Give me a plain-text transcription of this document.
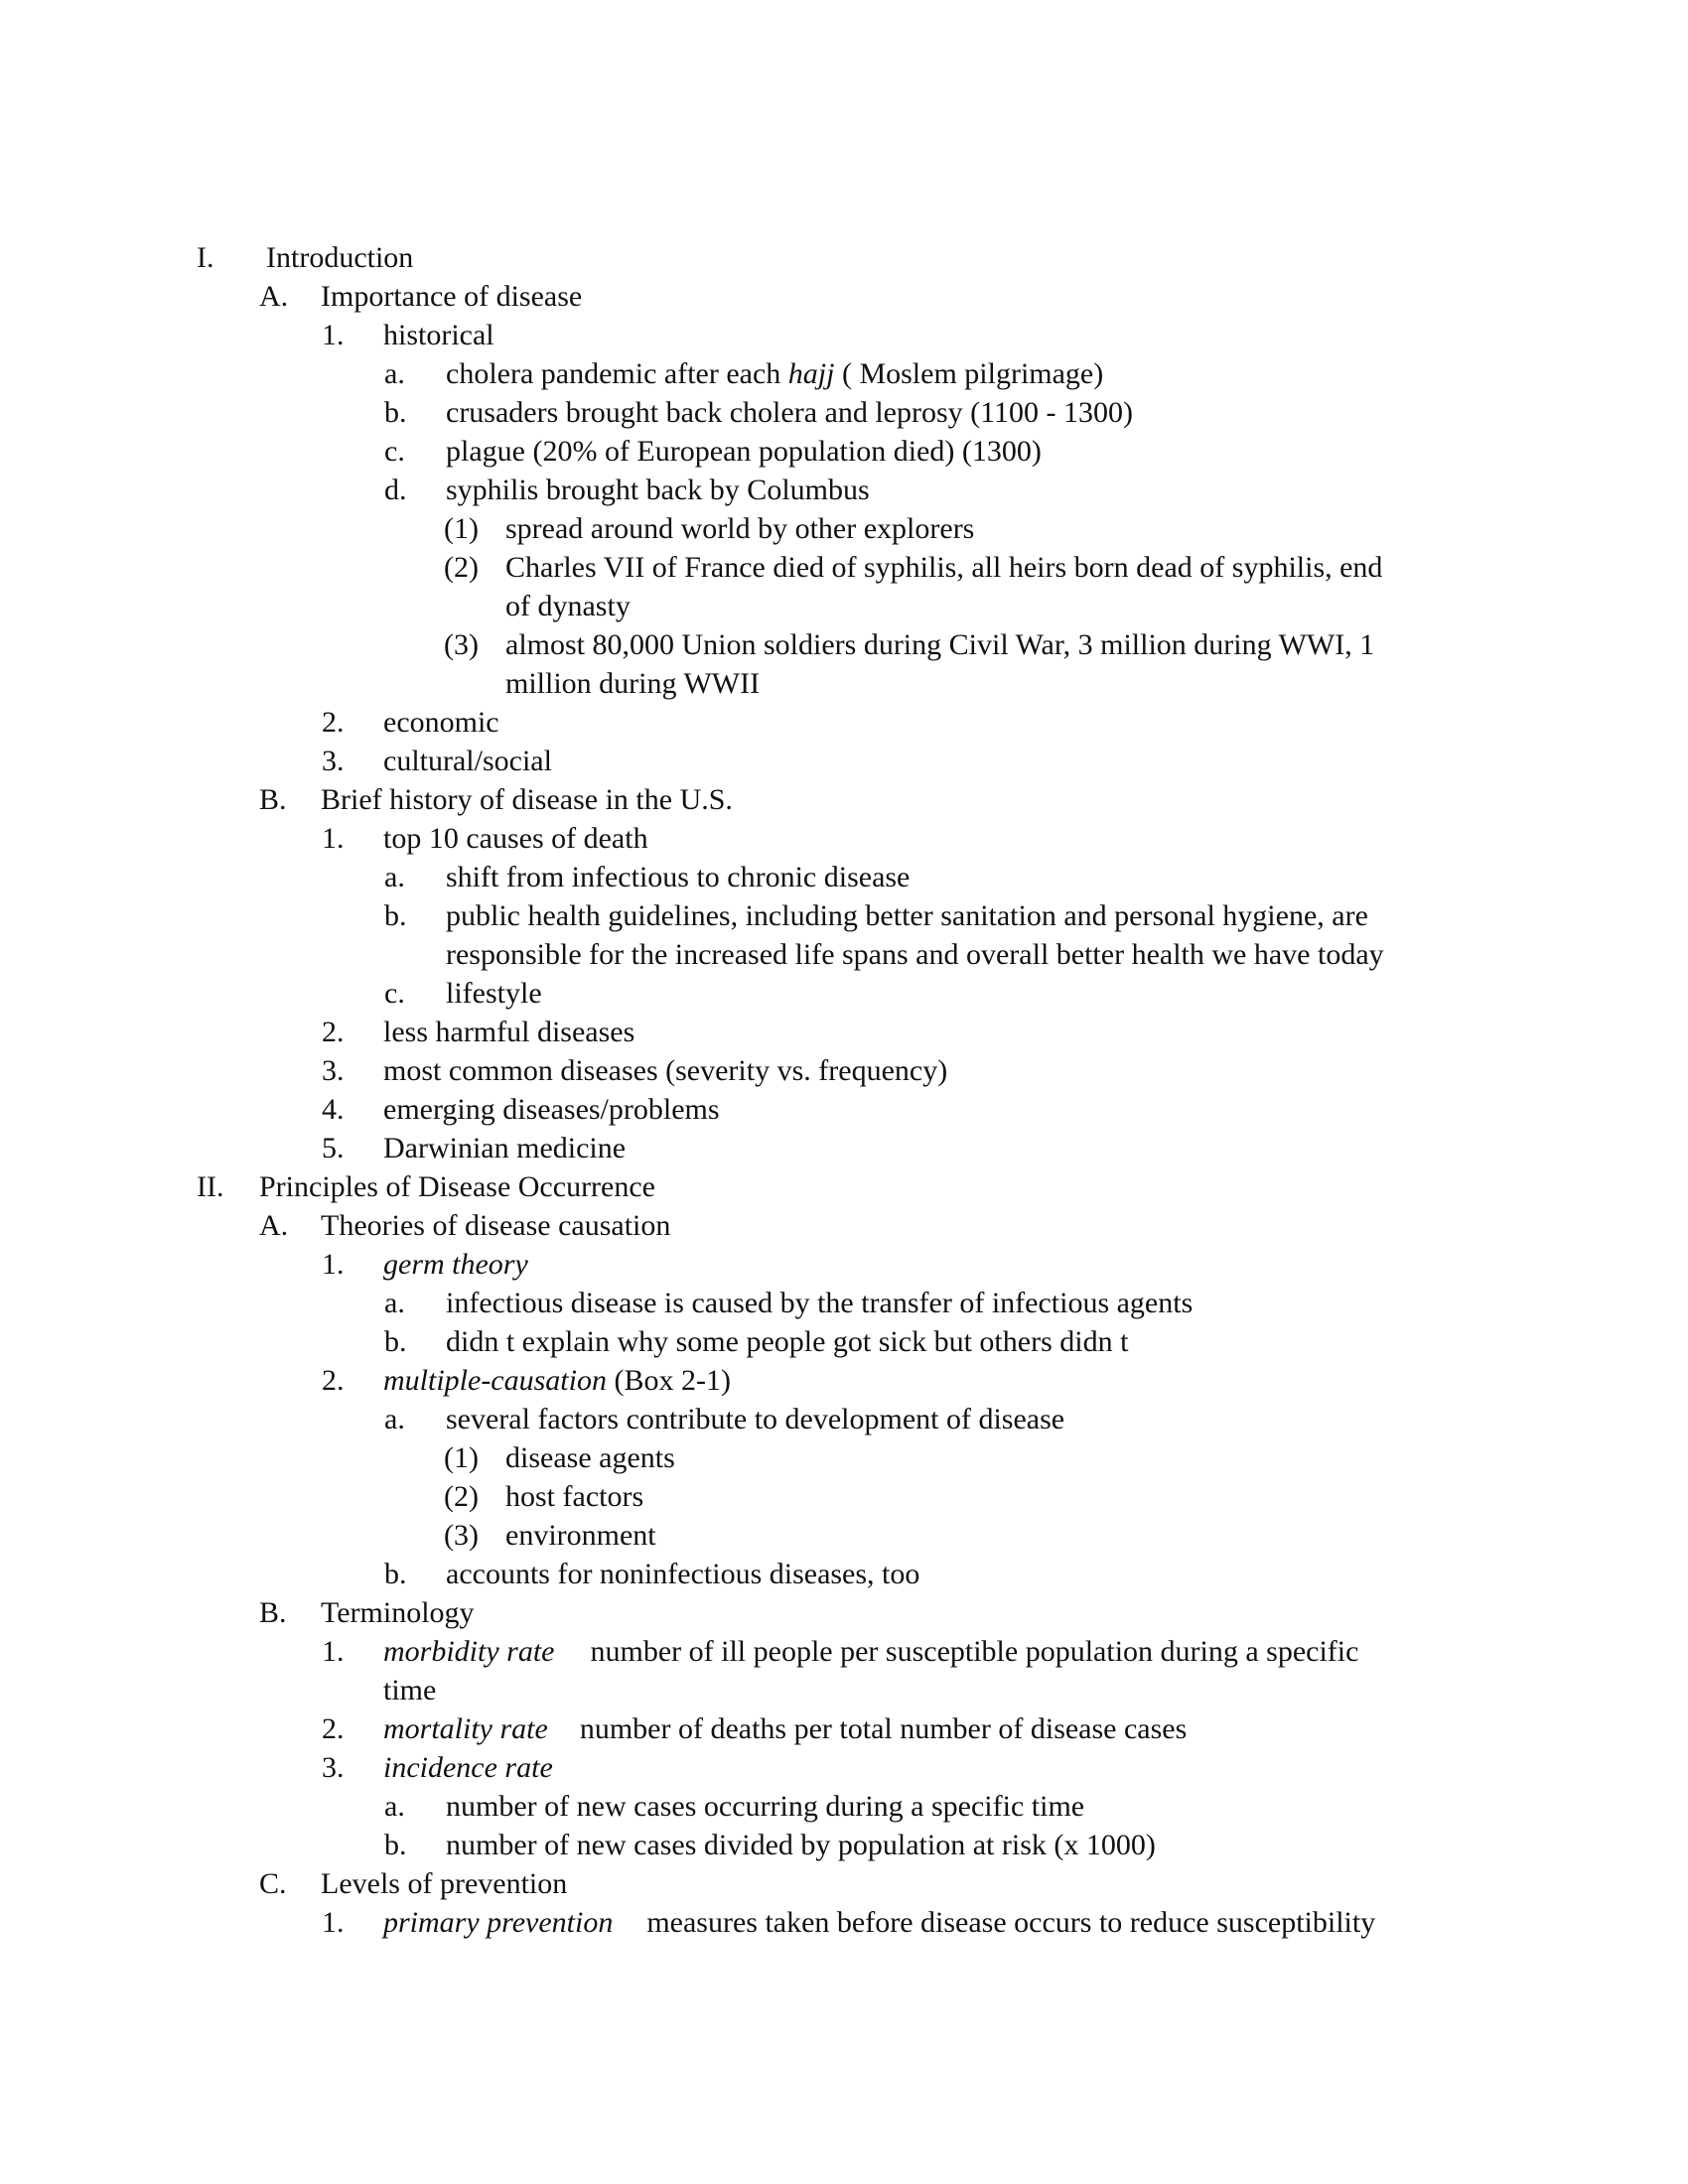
I. Introduction
A. Importance of disease
1. historical
a. cholera pandemic after each hajj ( Moslem pilgrimage)
b. crusaders brought back cholera and leprosy (1100 - 1300)
c. plague (20% of European population died) (1300)
d. syphilis brought back by Columbus
(1) spread around world by other explorers
(2) Charles VII of France died of syphilis, all heirs born dead of syphilis, end
of dynasty
(3) almost 80,000 Union soldiers during Civil War, 3 million during WWI, 1
million during WWII
2. economic
3. cultural/social
B. Brief history of disease in the U.S.
1. top 10 causes of death
a. shift from infectious to chronic disease
b. public health guidelines, including better sanitation and personal hygiene, are
responsible for the increased life spans and overall better health we have today
c. lifestyle
2. less harmful diseases
3. most common diseases (severity vs. frequency)
4. emerging diseases/problems
5. Darwinian medicine
II. Principles of Disease Occurrence
A. Theories of disease causation
1. germ theory
a. infectious disease is caused by the transfer of infectious agents
b. didn t explain why some people got sick but others didn t
2. multiple-causation (Box 2-1)
a. several factors contribute to development of disease
(1) disease agents
(2) host factors
(3) environment
b. accounts for noninfectious diseases, too
B. Terminology
1. morbidity rate number of ill people per susceptible population during a specific
time
2. mortality rate number of deaths per total number of disease cases
3. incidence rate
a. number of new cases occurring during a specific time
b. number of new cases divided by population at risk (x 1000)
C. Levels of prevention
1. primary prevention measures taken before disease occurs to reduce susceptibility
